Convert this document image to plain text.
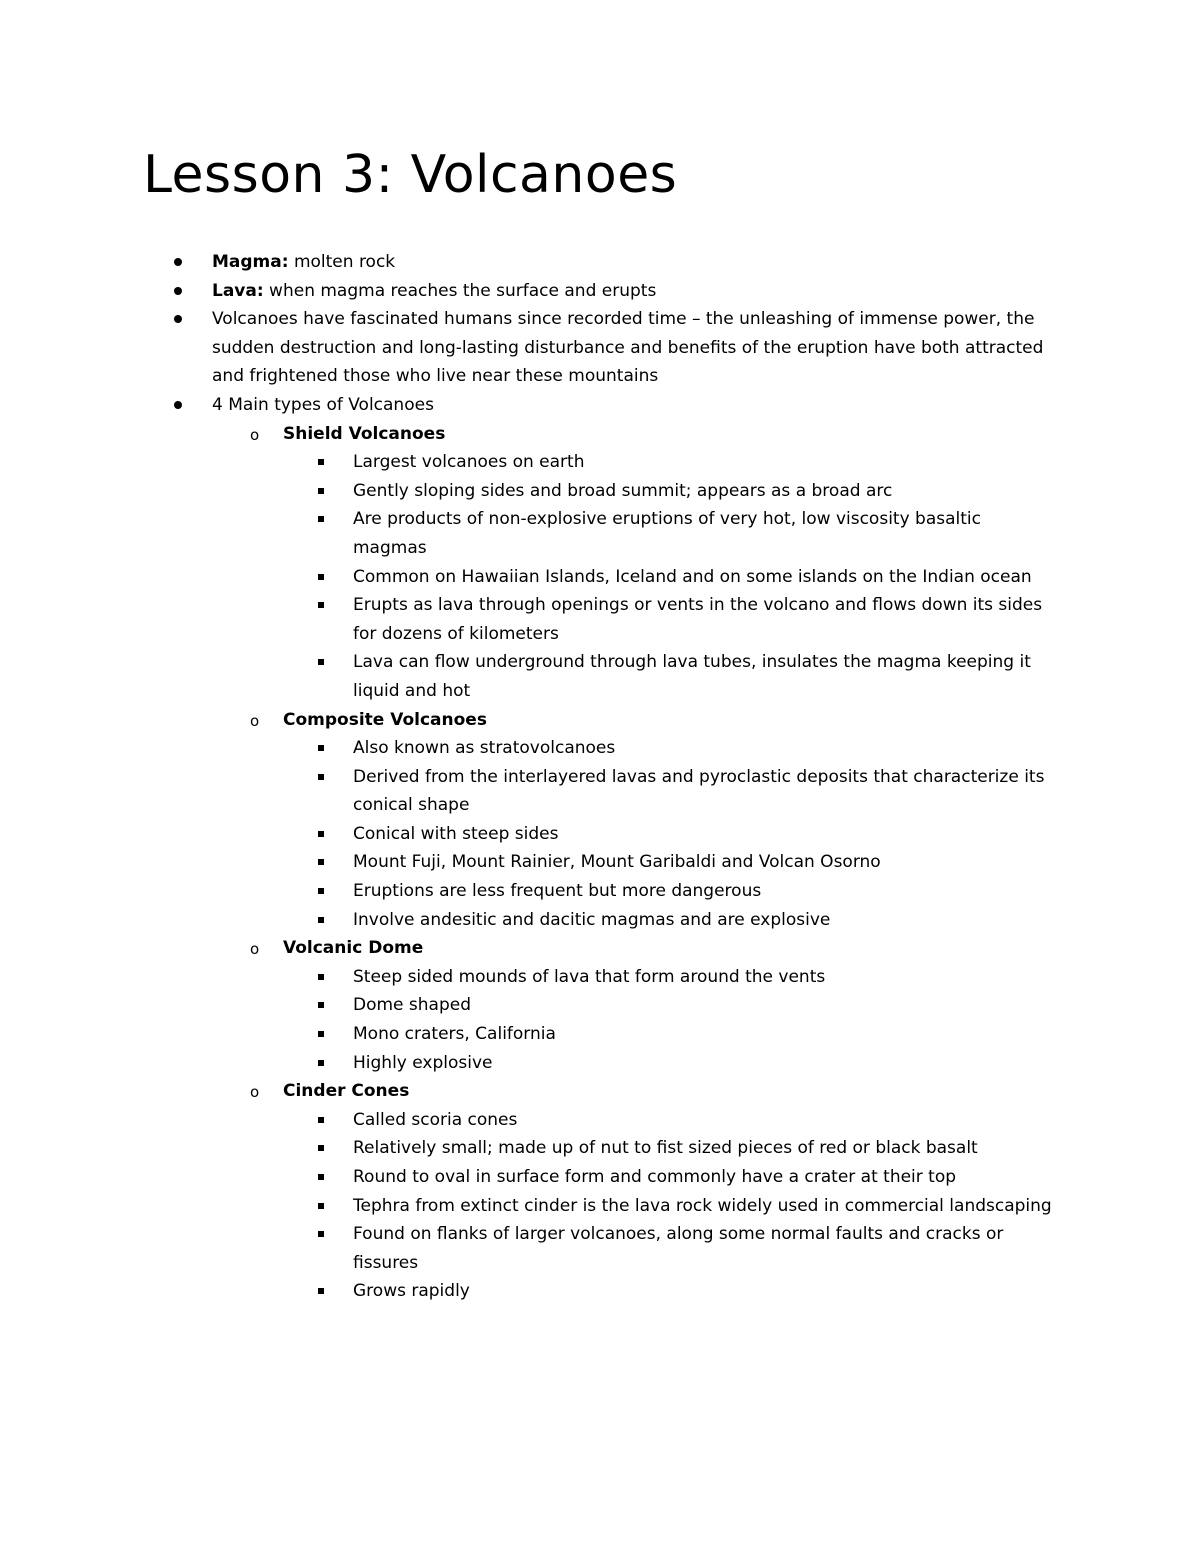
Lesson 3: Volcanoes
Magma: molten rock
Lava: when magma reaches the surface and erupts
Volcanoes have fascinated humans since recorded time – the unleashing of immense power, the sudden destruction and long-lasting disturbance and benefits of the eruption have both attracted and frightened those who live near these mountains
4 Main types of Volcanoes
o Shield Volcanoes
Largest volcanoes on earth
Gently sloping sides and broad summit; appears as a broad arc
Are products of non-explosive eruptions of very hot, low viscosity basaltic magmas
Common on Hawaiian Islands, Iceland and on some islands on the Indian ocean
Erupts as lava through openings or vents in the volcano and flows down its sides for dozens of kilometers
Lava can flow underground through lava tubes, insulates the magma keeping it liquid and hot
o Composite Volcanoes
Also known as stratovolcanoes
Derived from the interlayered lavas and pyroclastic deposits that characterize its conical shape
Conical with steep sides
Mount Fuji, Mount Rainier, Mount Garibaldi and Volcan Osorno
Eruptions are less frequent but more dangerous
Involve andesitic and dacitic magmas and are explosive
o Volcanic Dome
Steep sided mounds of lava that form around the vents
Dome shaped
Mono craters, California
Highly explosive
o Cinder Cones
Called scoria cones
Relatively small; made up of nut to fist sized pieces of red or black basalt
Round to oval in surface form and commonly have a crater at their top
Tephra from extinct cinder is the lava rock widely used in commercial landscaping
Found on flanks of larger volcanoes, along some normal faults and cracks or fissures
Grows rapidly
